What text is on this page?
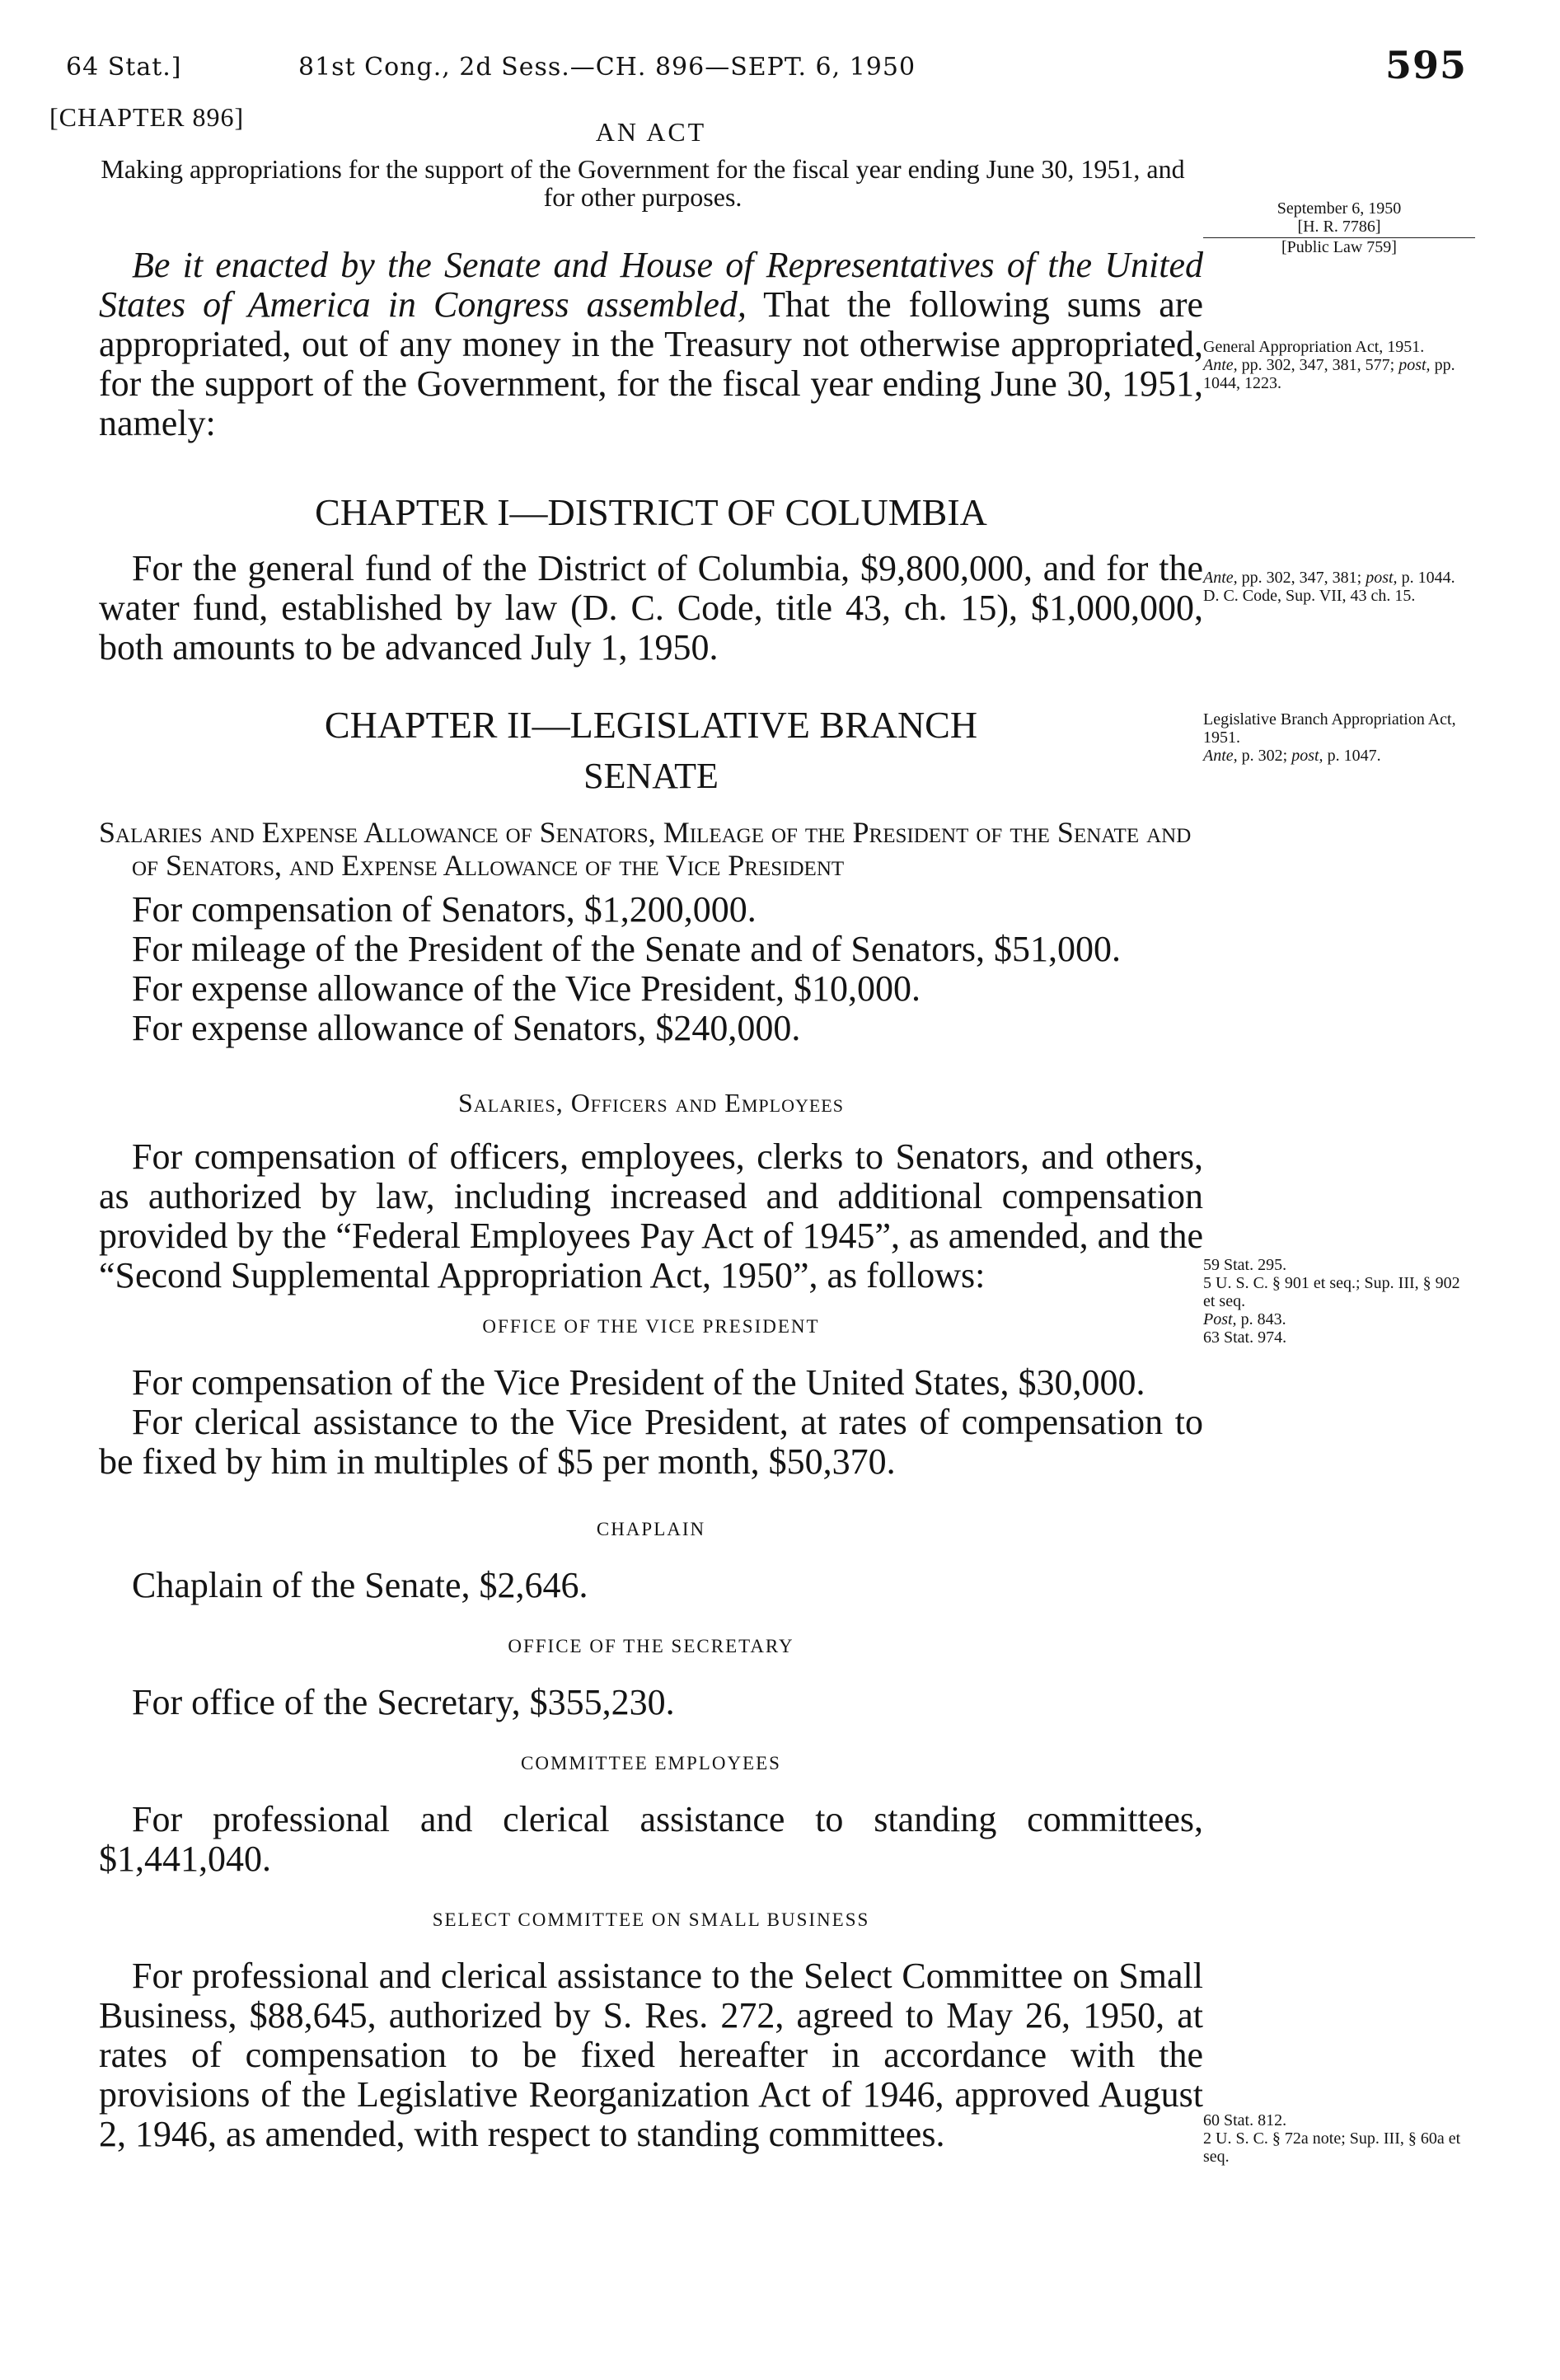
64 Stat.]	81st Cong., 2d Sess.—CH. 896—SEPT. 6, 1950	595
[CHAPTER 896]	AN ACT
Making appropriations for the support of the Government for the fiscal year ending June 30, 1951, and for other purposes.
Be it enacted by the Senate and House of Representatives of the United States of America in Congress assembled, That the following sums are appropriated, out of any money in the Treasury not otherwise appropriated, for the support of the Government, for the fiscal year ending June 30, 1951, namely:
CHAPTER I—DISTRICT OF COLUMBIA
For the general fund of the District of Columbia, $9,800,000, and for the water fund, established by law (D. C. Code, title 43, ch. 15), $1,000,000, both amounts to be advanced July 1, 1950.
CHAPTER II—LEGISLATIVE BRANCH
SENATE
Salaries and Expense Allowance of Senators, Mileage of the President of the Senate and of Senators, and Expense Allowance of the Vice President
For compensation of Senators, $1,200,000.
For mileage of the President of the Senate and of Senators, $51,000.
For expense allowance of the Vice President, $10,000.
For expense allowance of Senators, $240,000.
Salaries, Officers and Employees
For compensation of officers, employees, clerks to Senators, and others, as authorized by law, including increased and additional compensation provided by the “Federal Employees Pay Act of 1945”, as amended, and the “Second Supplemental Appropriation Act, 1950”, as follows:
OFFICE OF THE VICE PRESIDENT
For compensation of the Vice President of the United States, $30,000.
For clerical assistance to the Vice President, at rates of compensation to be fixed by him in multiples of $5 per month, $50,370.
CHAPLAIN
Chaplain of the Senate, $2,646.
OFFICE OF THE SECRETARY
For office of the Secretary, $355,230.
COMMITTEE EMPLOYEES
For professional and clerical assistance to standing committees, $1,441,040.
SELECT COMMITTEE ON SMALL BUSINESS
For professional and clerical assistance to the Select Committee on Small Business, $88,645, authorized by S. Res. 272, agreed to May 26, 1950, at rates of compensation to be fixed hereafter in accordance with the provisions of the Legislative Reorganization Act of 1946, approved August 2, 1946, as amended, with respect to standing committees.
September 6, 1950
[H. R. 7786]
[Public Law 759]
General Appropriation Act, 1951.
Ante, pp. 302, 347, 381, 577; post, pp. 1044, 1223.
Ante, pp. 302, 347, 381; post, p. 1044.
D. C. Code, Sup. VII, 43 ch. 15.
Legislative Branch Appropriation Act, 1951.
Ante, p. 302; post, p. 1047.
59 Stat. 295.
5 U. S. C. § 901 et seq.; Sup. III, § 902 et seq.
Post, p. 843.
63 Stat. 974.
60 Stat. 812.
2 U. S. C. § 72a note; Sup. III, § 60a et seq.
